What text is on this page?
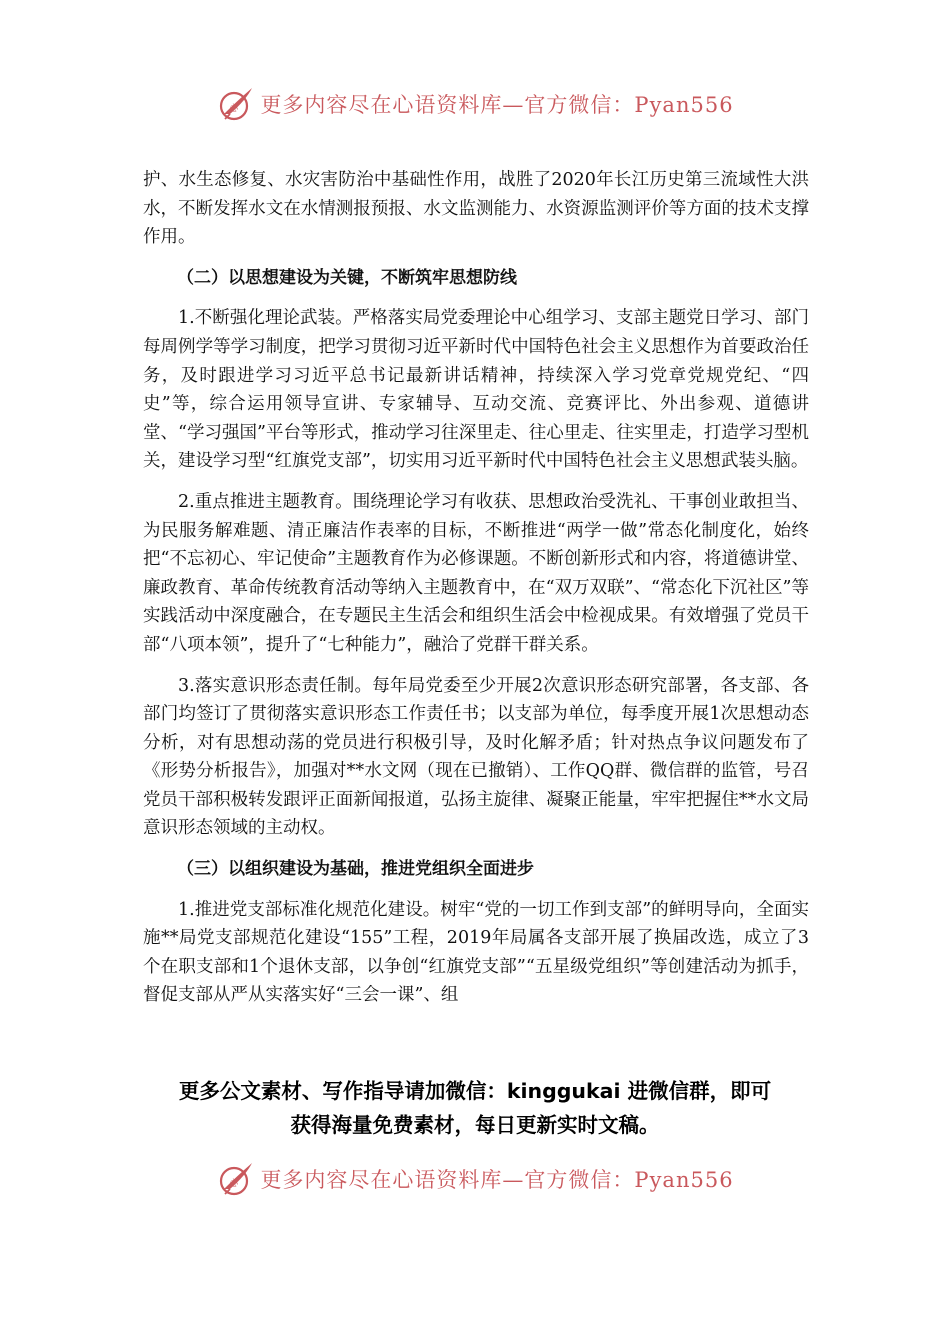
心 更多内容尽在心语资料库—官方微信：Pyan556

护、水生态修复、水灾害防治中基础性作用，战胜了2020年长江历史第三流域性大洪水，不断发挥水文在水情测报预报、水文监测能力、水资源监测评价等方面的技术支撑作用。

（二）以思想建设为关键，不断筑牢思想防线

1.不断强化理论武装。严格落实局党委理论中心组学习、支部主题党日学习、部门每周例学等学习制度，把学习贯彻习近平新时代中国特色社会主义思想作为首要政治任务，及时跟进学习习近平总书记最新讲话精神，持续深入学习党章党规党纪、“四史”等，综合运用领导宣讲、专家辅导、互动交流、竞赛评比、外出参观、道德讲堂、“学习强国”平台等形式，推动学习往深里走、往心里走、往实里走，打造学习型机关，建设学习型“红旗党支部”，切实用习近平新时代中国特色社会主义思想武装头脑。

2.重点推进主题教育。围绕理论学习有收获、思想政治受洗礼、干事创业敢担当、为民服务解难题、清正廉洁作表率的目标，不断推进“两学一做”常态化制度化，始终把“不忘初心、牢记使命”主题教育作为必修课题。不断创新形式和内容，将道德讲堂、廉政教育、革命传统教育活动等纳入主题教育中，在“双万双联”、“常态化下沉社区”等实践活动中深度融合，在专题民主生活会和组织生活会中检视成果。有效增强了党员干部“八项本领”，提升了“七种能力”，融洽了党群干群关系。

3.落实意识形态责任制。每年局党委至少开展2次意识形态研究部署，各支部、各部门均签订了贯彻落实意识形态工作责任书；以支部为单位，每季度开展1次思想动态分析，对有思想动荡的党员进行积极引导，及时化解矛盾；针对热点争议问题发布了《形势分析报告》，加强对**水文网（现在已撤销）、工作QQ群、微信群的监管，号召党员干部积极转发跟评正面新闻报道，弘扬主旋律、凝聚正能量，牢牢把握住**水文局意识形态领域的主动权。

（三）以组织建设为基础，推进党组织全面进步

1.推进党支部标准化规范化建设。树牢“党的一切工作到支部”的鲜明导向，全面实施**局党支部规范化建设“155”工程，2019年局属各支部开展了换届改选，成立了3个在职支部和1个退休支部，以争创“红旗党支部”“五星级党组织”等创建活动为抓手，督促支部从严从实落实好“三会一课”、组

更多公文素材、写作指导请加微信：kinggukai 进微信群，即可
获得海量免费素材，每日更新实时文稿。
心 更多内容尽在心语资料库—官方微信：Pyan556
